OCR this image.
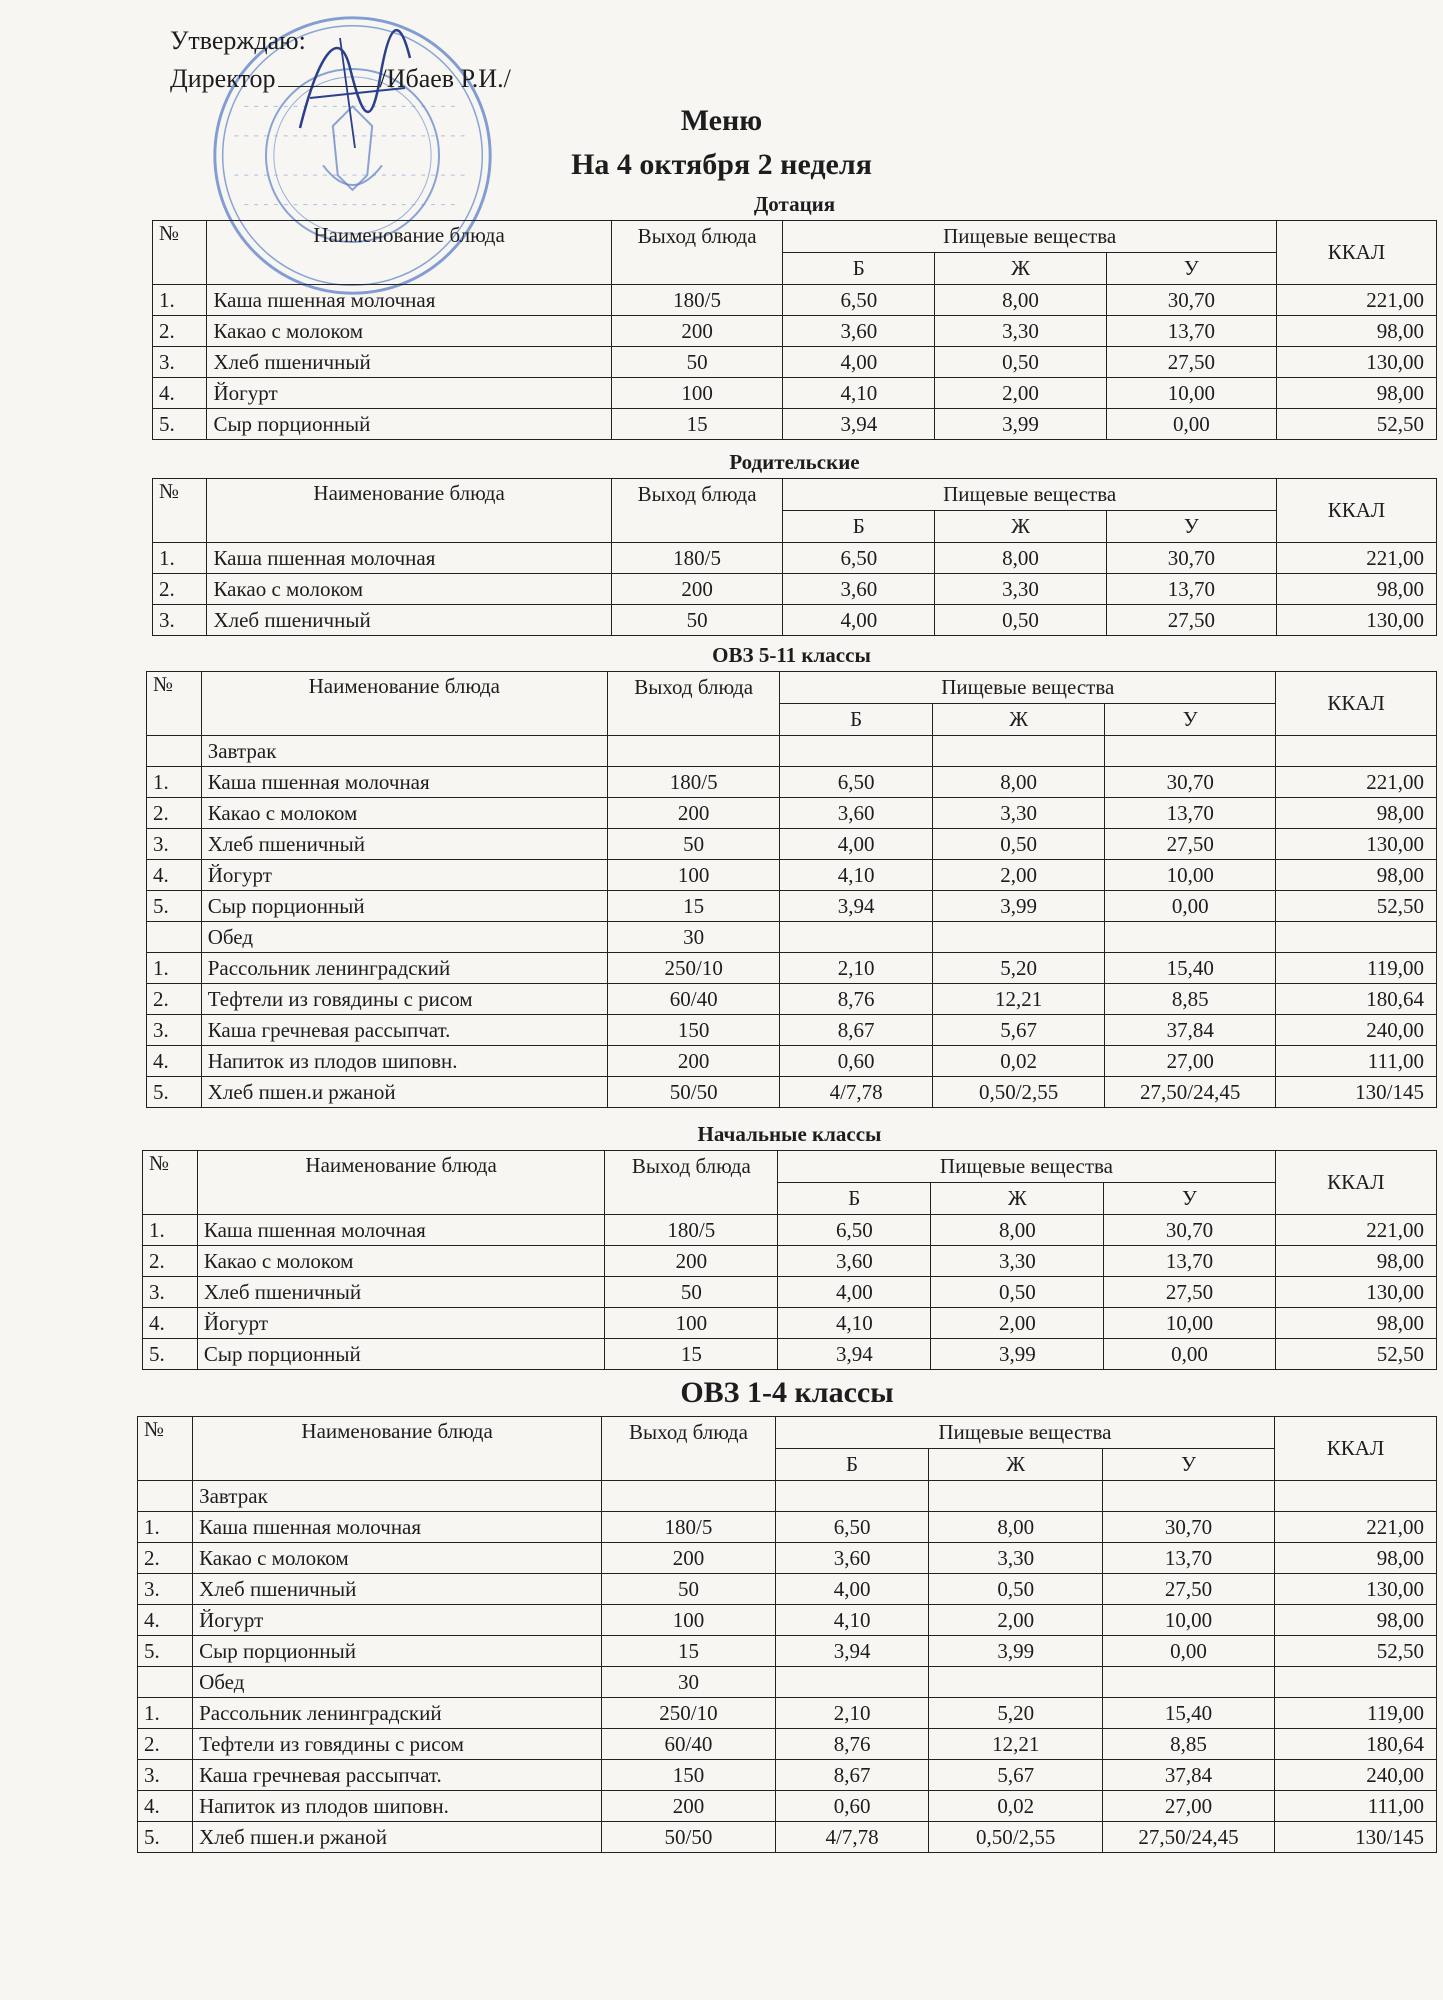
Утверждаю:
Директор	/Ибаев Р.И./
Меню
На 4 октября 2 неделя
Дотация
№	Наименование блюда	Выход блюда	Пищевые вещества			ККАЛ
			Б	Ж	У	
1.	Каша пшенная молочная	180/5	6,50	8,00	30,70	221,00
2.	Какао с молоком	200	3,60	3,30	13,70	98,00
3.	Хлеб пшеничный	50	4,00	0,50	27,50	130,00
4.	Йогурт	100	4,10	2,00	10,00	98,00
5.	Сыр порционный	15	3,94	3,99	0,00	52,50
Родительские
№	Наименование блюда	Выход блюда	Пищевые вещества			ККАЛ
			Б	Ж	У	
1.	Каша пшенная молочная	180/5	6,50	8,00	30,70	221,00
2.	Какао с молоком	200	3,60	3,30	13,70	98,00
3.	Хлеб пшеничный	50	4,00	0,50	27,50	130,00
ОВЗ 5-11 классы
№	Наименование блюда	Выход блюда	Пищевые вещества			ККАЛ
			Б	Ж	У	
	Завтрак					
1.	Каша пшенная молочная	180/5	6,50	8,00	30,70	221,00
2.	Какао с молоком	200	3,60	3,30	13,70	98,00
3.	Хлеб пшеничный	50	4,00	0,50	27,50	130,00
4.	Йогурт	100	4,10	2,00	10,00	98,00
5.	Сыр порционный	15	3,94	3,99	0,00	52,50
	Обед	30				
1.	Рассольник ленинградский	250/10	2,10	5,20	15,40	119,00
2.	Тефтели из говядины с рисом	60/40	8,76	12,21	8,85	180,64
3.	Каша гречневая рассыпчат.	150	8,67	5,67	37,84	240,00
4.	Напиток из плодов шиповн.	200	0,60	0,02	27,00	111,00
5.	Хлеб пшен.и ржаной	50/50	4/7,78	0,50/2,55	27,50/24,45	130/145
Начальные классы
№	Наименование блюда	Выход блюда	Пищевые вещества			ККАЛ
			Б	Ж	У	
1.	Каша пшенная молочная	180/5	6,50	8,00	30,70	221,00
2.	Какао с молоком	200	3,60	3,30	13,70	98,00
3.	Хлеб пшеничный	50	4,00	0,50	27,50	130,00
4.	Йогурт	100	4,10	2,00	10,00	98,00
5.	Сыр порционный	15	3,94	3,99	0,00	52,50
ОВЗ 1-4 классы
№	Наименование блюда	Выход блюда	Пищевые вещества			ККАЛ
			Б	Ж	У	
	Завтрак					
1.	Каша пшенная молочная	180/5	6,50	8,00	30,70	221,00
2.	Какао с молоком	200	3,60	3,30	13,70	98,00
3.	Хлеб пшеничный	50	4,00	0,50	27,50	130,00
4.	Йогурт	100	4,10	2,00	10,00	98,00
5.	Сыр порционный	15	3,94	3,99	0,00	52,50
	Обед	30				
1.	Рассольник ленинградский	250/10	2,10	5,20	15,40	119,00
2.	Тефтели из говядины с рисом	60/40	8,76	12,21	8,85	180,64
3.	Каша гречневая рассыпчат.	150	8,67	5,67	37,84	240,00
4.	Напиток из плодов шиповн.	200	0,60	0,02	27,00	111,00
5.	Хлеб пшен.и ржаной	50/50	4/7,78	0,50/2,55	27,50/24,45	130/145
